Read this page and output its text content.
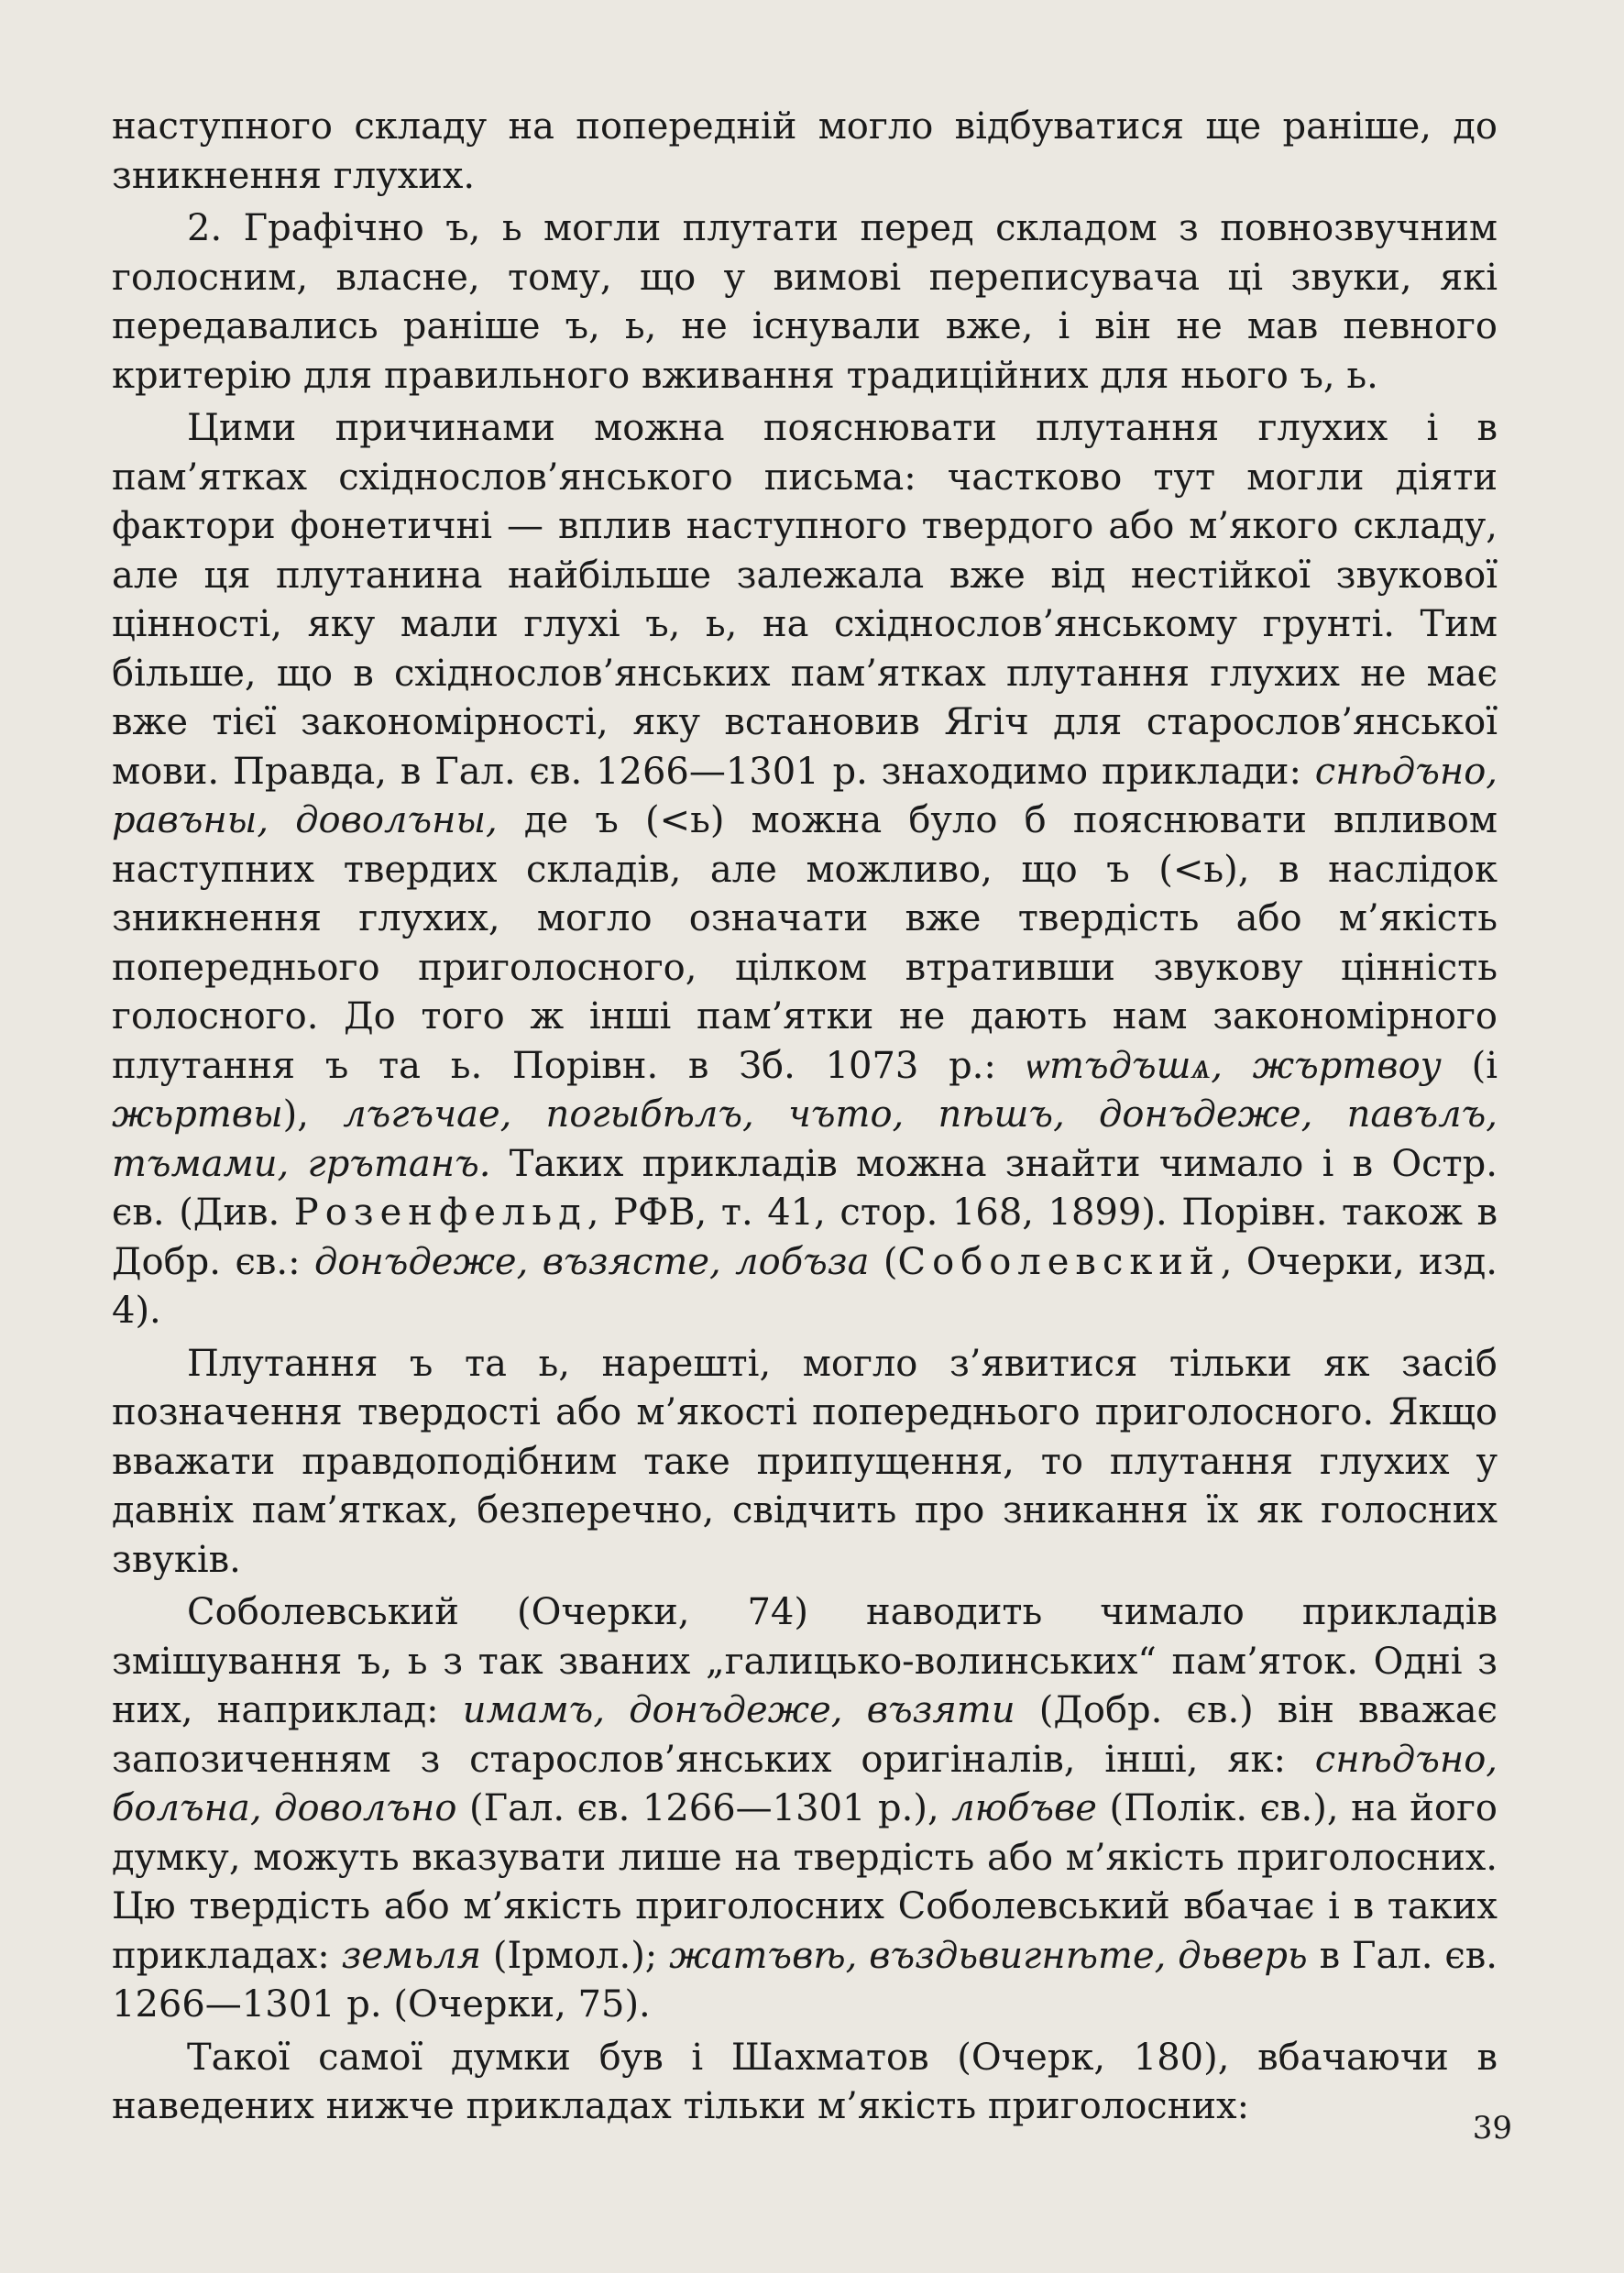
наступного складу на попередній могло відбуватися ще раніше, до зникнення глухих.

2. Графічно ъ, ь могли плутати перед складом з повнозвучним голосним, власне, тому, що у вимові переписувача ці звуки, які передавались раніше ъ, ь, не існували вже, і він не мав певного критерію для правильного вживання традиційних для нього ъ, ь.

Цими причинами можна пояснювати плутання глухих і в пам’ятках східнослов’янського письма: частково тут могли діяти фактори фонетичні — вплив наступного твердого або м’якого складу, але ця плутанина найбільше залежала вже від нестійкої звукової цінності, яку мали глухі ъ, ь, на східнослов’янському грунті. Тим більше, що в східнослов’янських пам’ятках плутання глухих не має вже тієї закономірності, яку встановив Ягіч для старослов’янської мови. Правда, в Гал. єв. 1266—1301 р. знаходимо приклади: снѣдъно, равъны, доволъны, де ъ (<ь) можна було б пояснювати впливом наступних твердих складів, але можливо, що ъ (<ь), в наслідок зникнення глухих, могло означати вже твердість або м’якість попереднього приголосного, цілком втративши звукову цінність голосного. До того ж інші пам’ятки не дають нам закономірного плутання ъ та ь. Порівн. в Зб. 1073 р.: ѡтъдъшѧ, жъртвоу (і жьртвы), лъгъчае, погыбѣлъ, чъто, пѣшъ, донъдеже, павълъ, тъмами, грътанъ. Таких прикладів можна знайти чимало і в Остр. єв. (Див. Розенфельд, РФВ, т. 41, стор. 168, 1899). Порівн. також в Добр. єв.: донъдеже, възясте, лобъза (Соболевский, Очерки, изд. 4).

Плутання ъ та ь, нарешті, могло з’явитися тільки як засіб позначення твердості або м’якості попереднього приголосного. Якщо вважати правдоподібним таке припущення, то плутання глухих у давніх пам’ятках, безперечно, свідчить про зникання їх як голосних звуків.

Соболевський (Очерки, 74) наводить чимало прикладів змішування ъ, ь з так званих „галицько-волинських“ пам’яток. Одні з них, наприклад: имамъ, донъдеже, възяти (Добр. єв.) він вважає запозиченням з старослов’янських оригіналів, інші, як: снѣдъно, болъна, доволъно (Гал. єв. 1266—1301 р.), любъве (Полік. єв.), на його думку, можуть вказувати лише на твердість або м’якість приголосних. Цю твердість або м’якість приголосних Соболевський вбачає і в таких прикладах: земьля (Ірмол.); жатъвѣ, въздьвигнѣте, дьверь в Гал. єв. 1266—1301 р. (Очерки, 75).

Такої самої думки був і Шахматов (Очерк, 180), вбачаючи в наведених нижче прикладах тільки м’якість приголосних:

39
